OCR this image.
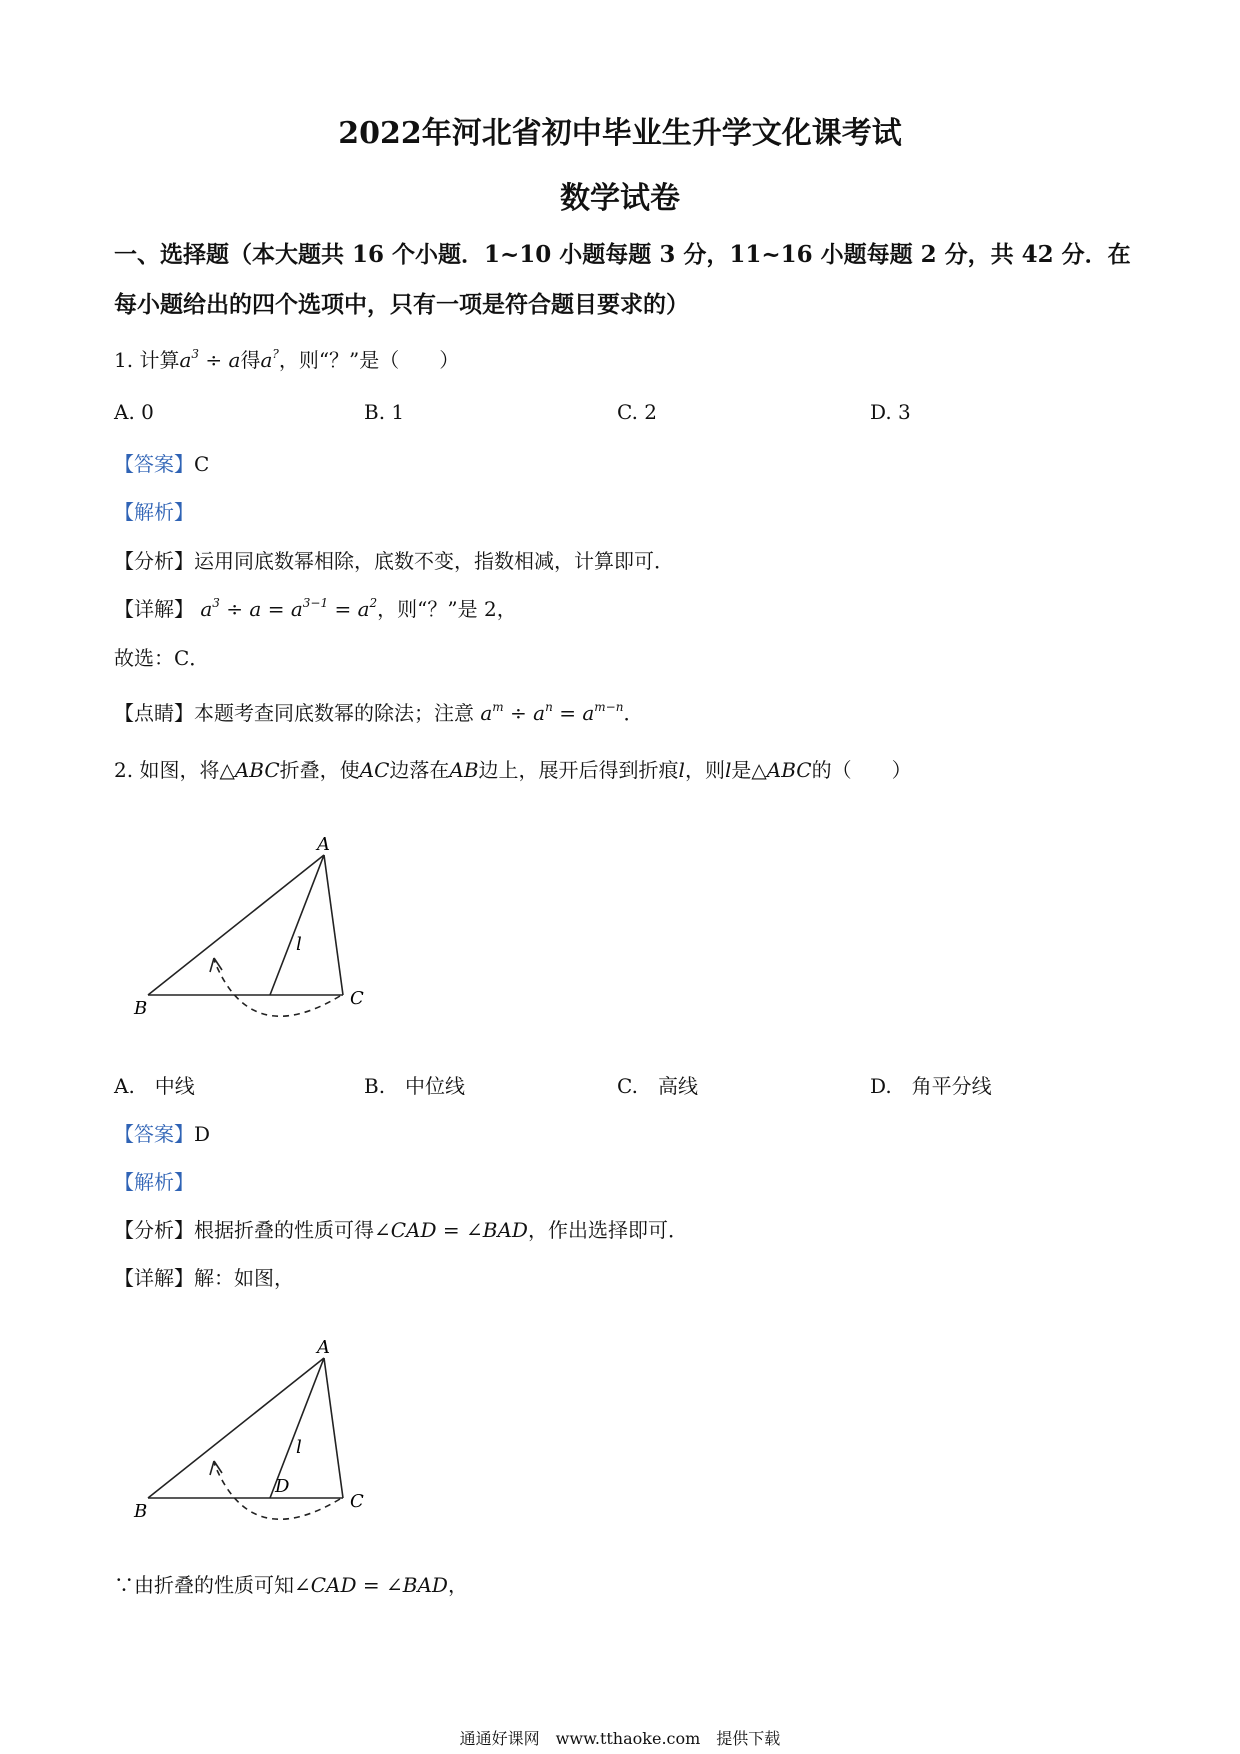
2022年河北省初中毕业生升学文化课考试
数学试卷
一、选择题（本大题共 16 个小题．1~10 小题每题 3 分，11~16 小题每题 2 分，共 42 分．在
每小题给出的四个选项中，只有一项是符合题目要求的）
1. 计算$a^3 \div a$得a?，则“？”是（　　）
A. 0	B. 1	C. 2	D. 3
【答案】C
【解析】
【分析】运用同底数幂相除，底数不变，指数相减，计算即可．
【详解】 $a^3 \div a = a^{3-1} = a^2$，则“？”是 2，
故选：C．
【点睛】本题考查同底数幂的除法；注意 $a^m \div a^n = a^{m-n}$．
2. 如图，将△ABC折叠，使AC边落在AB边上，展开后得到折痕l，则l是△ABC的（　　）
A
B	C
l
A.　中线	B.　中位线	C.　高线	D.　角平分线
【答案】D
【解析】
【分析】根据折叠的性质可得∠CAD = ∠BAD，作出选择即可．
【详解】解：如图，
A
B	C
D
l
∵由折叠的性质可知∠CAD = ∠BAD，
通通好课网　www.tthaoke.com　提供下载
